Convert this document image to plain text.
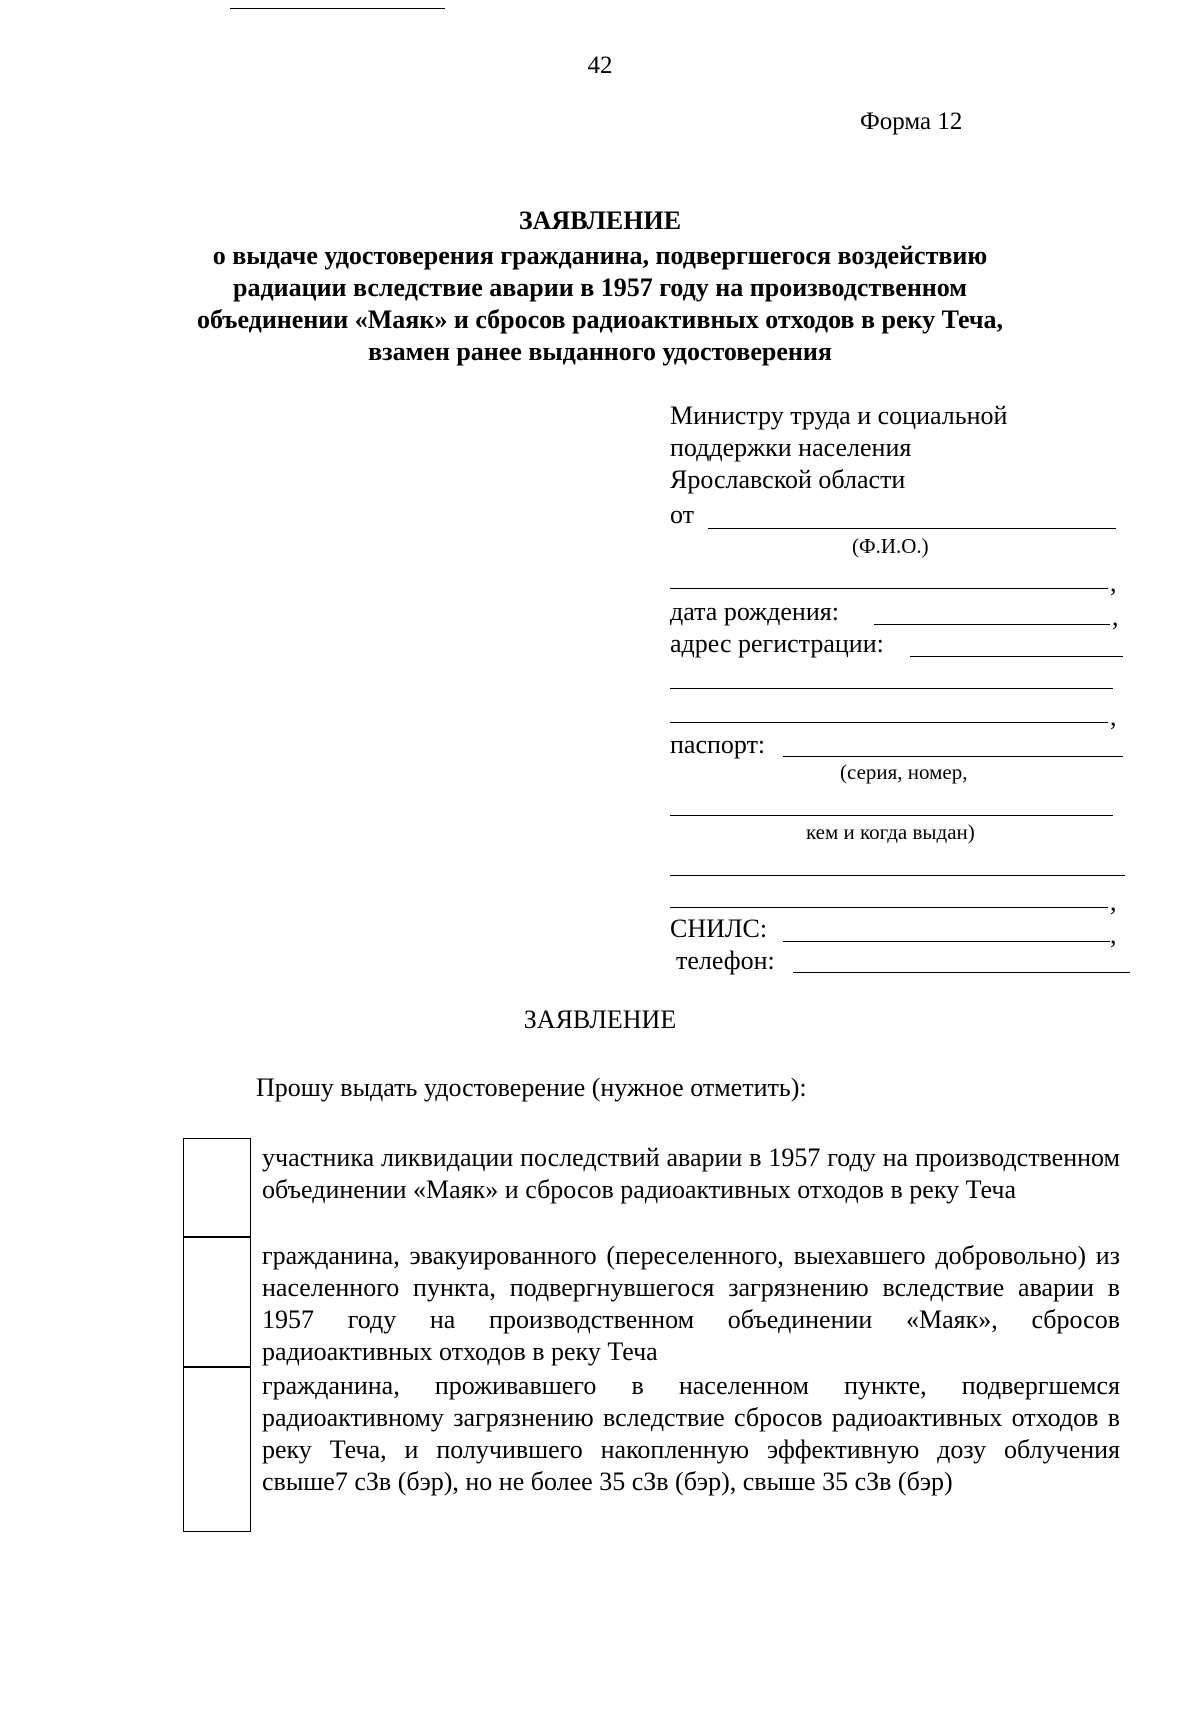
42
Форма 12
ЗАЯВЛЕНИЕ
о выдаче удостоверения гражданина, подвергшегося воздействию
радиации вследствие аварии в 1957 году на производственном
объединении «Маяк» и сбросов радиоактивных отходов в реку Теча,
взамен ранее выданного удостоверения
Министру труда и социальной
поддержки населения
Ярославской области
от
(Ф.И.О.)
,
дата рождения:	,
адрес регистрации:
,
паспорт:
(серия, номер,
кем и когда выдан)
,
СНИЛС:	,
телефон:
ЗАЯВЛЕНИЕ
Прошу выдать удостоверение (нужное отметить):
участника ликвидации последствий аварии в 1957 году на производственном объединении «Маяк» и сбросов радиоактивных отходов в реку Теча
гражданина, эвакуированного (переселенного, выехавшего добровольно) из населенного пункта, подвергнувшегося загрязнению вследствие аварии в 1957 году на производственном объединении «Маяк», сбросов радиоактивных отходов в реку Теча
гражданина, проживавшего в населенном пункте, подвергшемся радиоактивному загрязнению вследствие сбросов радиоактивных отходов в реку Теча, и получившего накопленную эффективную дозу облучения свыше7 сЗв (бэр), но не более 35 сЗв (бэр), свыше 35 сЗв (бэр)
